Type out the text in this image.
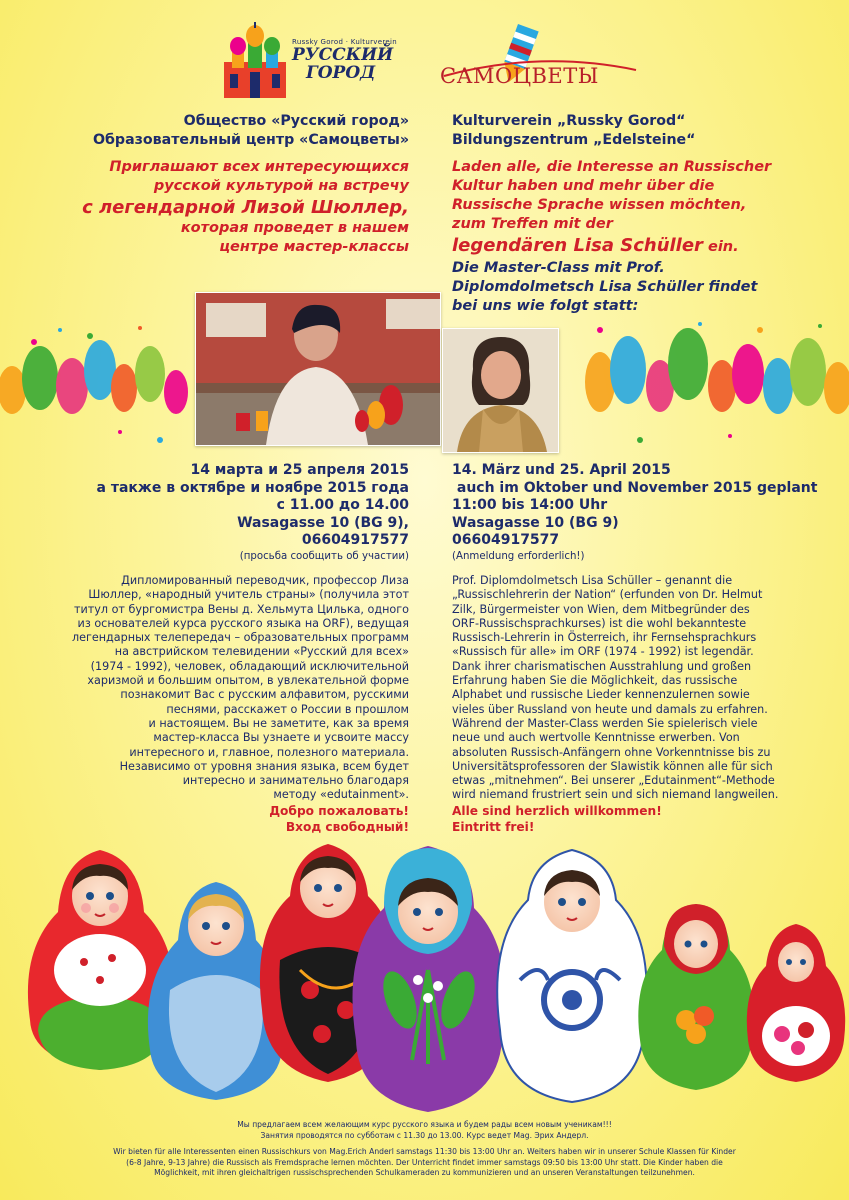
Russky Gorod · Kulturverein
РУССКИЙ
ГОРОД	САМОЦВЕТЫ
Общество «Русский город»
Образовательный центр «Самоцветы»
Приглашают всех интересующихся
русской культурой на встречу
с легендарной Лизой Шюллер,
которая проведет в нашем
центре мастер-классы
Kulturverein „Russky Gorod“
Bildungszentrum „Edelsteine“
Laden alle, die Interesse an Russischer
Kultur haben und mehr über die
Russische Sprache wissen möchten,
zum Treffen mit der
legendären Lisa Schüller ein.
Die Master-Class mit Prof.
Diplomdolmetsch Lisa Schüller findet
bei uns wie folgt statt:
14 марта и 25 апреля 2015
а также в октябре и ноябре 2015 года
с 11.00 до 14.00
Wasagasse 10 (BG 9),
06604917577
(просьба сообщить об участии)
14. März und 25. April 2015
auch im Oktober und November 2015 geplant
11:00 bis 14:00 Uhr
Wasagasse 10 (BG 9)
06604917577
(Anmeldung erforderlich!)
Дипломированный переводчик, профессор Лиза
Шюллер, «народный учитель страны» (получила этот
титул от бургомистра Вены д. Хельмута Цилька, одного
из основателей курса русского языка на ORF), ведущая
легендарных телепередач – образовательных программ
на австрийском телевидении «Русский для всех»
(1974 - 1992), человек, обладающий исключительной
харизмой и большим опытом, в увлекательной форме
познакомит Вас с русским алфавитом, русскими
песнями, расскажет о России в прошлом
и настоящем. Вы не заметите, как за время
мастер-класса Вы узнаете и усвоите массу
интересного и, главное, полезного материала.
Независимо от уровня знания языка, всем будет
интересно и занимательно благодаря
методу «edutainment».
Добро пожаловать!
Вход свободный!
Prof. Diplomdolmetsch Lisa Schüller – genannt die
„Russischlehrerin der Nation“ (erfunden von Dr. Helmut
Zilk, Bürgermeister von Wien, dem Mitbegründer des
ORF-Russischsprachkurses) ist die wohl bekannteste
Russisch-Lehrerin in Österreich, ihr Fernsehsprachkurs
«Russisch für alle» im ORF (1974 - 1992) ist legendär.
Dank ihrer charismatischen Ausstrahlung und großen
Erfahrung haben Sie die Möglichkeit, das russische
Alphabet und russische Lieder kennenzulernen sowie
vieles über Russland von heute und damals zu erfahren.
Während der Master-Class werden Sie spielerisch viele
neue und auch wertvolle Kenntnisse erwerben. Von
absoluten Russisch-Anfängern ohne Vorkenntnisse bis zu
Universitätsprofessoren der Slawistik können alle für sich
etwas „mitnehmen“. Bei unserer „Edutainment“-Methode
wird niemand frustriert sein und sich niemand langweilen.
Alle sind herzlich willkommen!
Eintritt frei!
Мы предлагаем всем желающим курс русского языка и будем рады всем новым ученикам!!!
Занятия проводятся по субботам с 11.30 до 13.00. Курс ведет Mag. Эрих Андерл.
Wir bieten für alle Interessenten einen Russischkurs von Mag.Erich Anderl samstags 11:30 bis 13:00 Uhr an. Weiters haben wir in unserer Schule Klassen für Kinder
(6-8 Jahre, 9-13 Jahre) die Russisch als Fremdsprache lernen möchten. Der Unterricht findet immer samstags 09:50 bis 13:00 Uhr statt. Die Kinder haben die
Möglichkeit, mit ihren gleichaltrigen russischsprechenden Schulkameraden zu kommunizieren und an unseren Veranstaltungen teilzunehmen.
